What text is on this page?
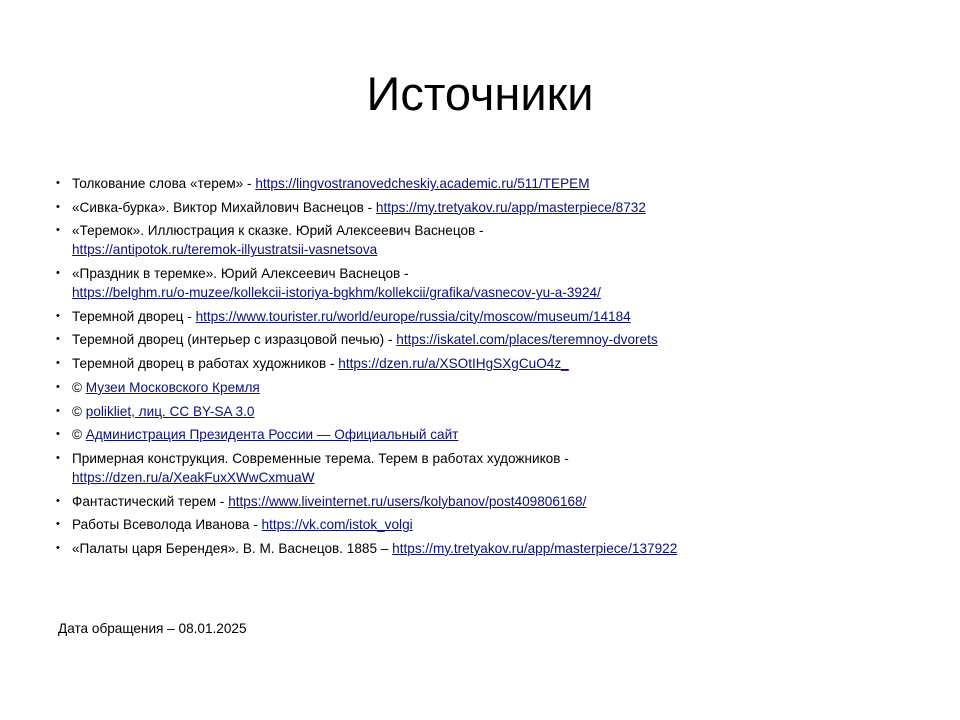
Источники
• Толкование слова «терем» - https://lingvostranovedcheskiy.academic.ru/511/ТЕРЕМ
• «Сивка-бурка». Виктор Михайлович Васнецов - https://my.tretyakov.ru/app/masterpiece/8732
• «Теремок». Иллюстрация к сказке. Юрий Алексеевич Васнецов -
https://antipotok.ru/teremok-illyustratsii-vasnetsova
• «Праздник в теремке». Юрий Алексеевич Васнецов -
https://belghm.ru/o-muzee/kollekcii-istoriya-bgkhm/kollekcii/grafika/vasnecov-yu-a-3924/
• Теремной дворец - https://www.tourister.ru/world/europe/russia/city/moscow/museum/14184
• Теремной дворец (интерьер с изразцовой печью) - https://iskatel.com/places/teremnoy-dvorets
• Теремной дворец в работах художников - https://dzen.ru/a/XSOtIHgSXgCuO4z_
• © Музеи Московского Кремля
• © polikliet, лиц. CC BY-SA 3.0
• © Администрация Президента России — Официальный сайт
• Примерная конструкция. Современные терема. Терем в работах художников -
https://dzen.ru/a/XeakFuxXWwCxmuaW
• Фантастический терем - https://www.liveinternet.ru/users/kolybanov/post409806168/
• Работы Всеволода Иванова - https://vk.com/istok_volgi
• «Палаты царя Берендея». В. М. Васнецов. 1885 – https://my.tretyakov.ru/app/masterpiece/137922

Дата обращения – 08.01.2025
